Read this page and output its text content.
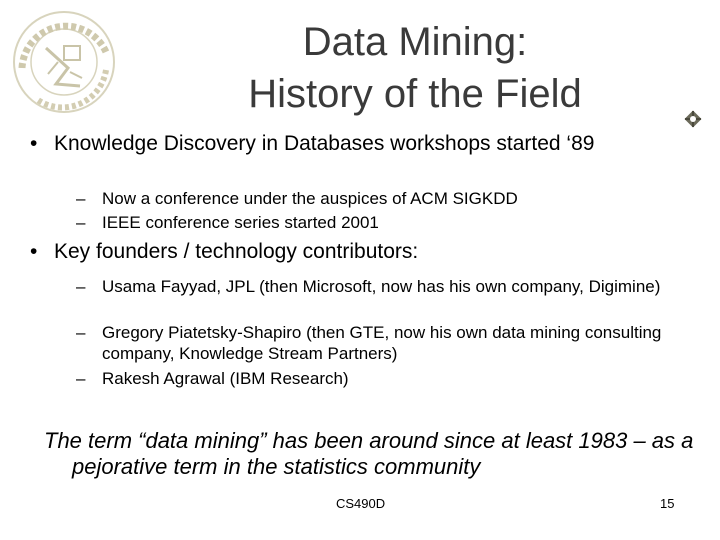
Data Mining:
History of the Field
• Knowledge Discovery in Databases workshops started ‘89
– Now a conference under the auspices of ACM SIGKDD
– IEEE conference series started 2001
• Key founders / technology contributors:
– Usama Fayyad, JPL (then Microsoft, now has his own company, Digimine)
– Gregory Piatetsky-Shapiro (then GTE, now his own data mining consulting company, Knowledge Stream Partners)
– Rakesh Agrawal (IBM Research)
The term “data mining” has been around since at least 1983 – as a pejorative term in the statistics community
CS490D	15
